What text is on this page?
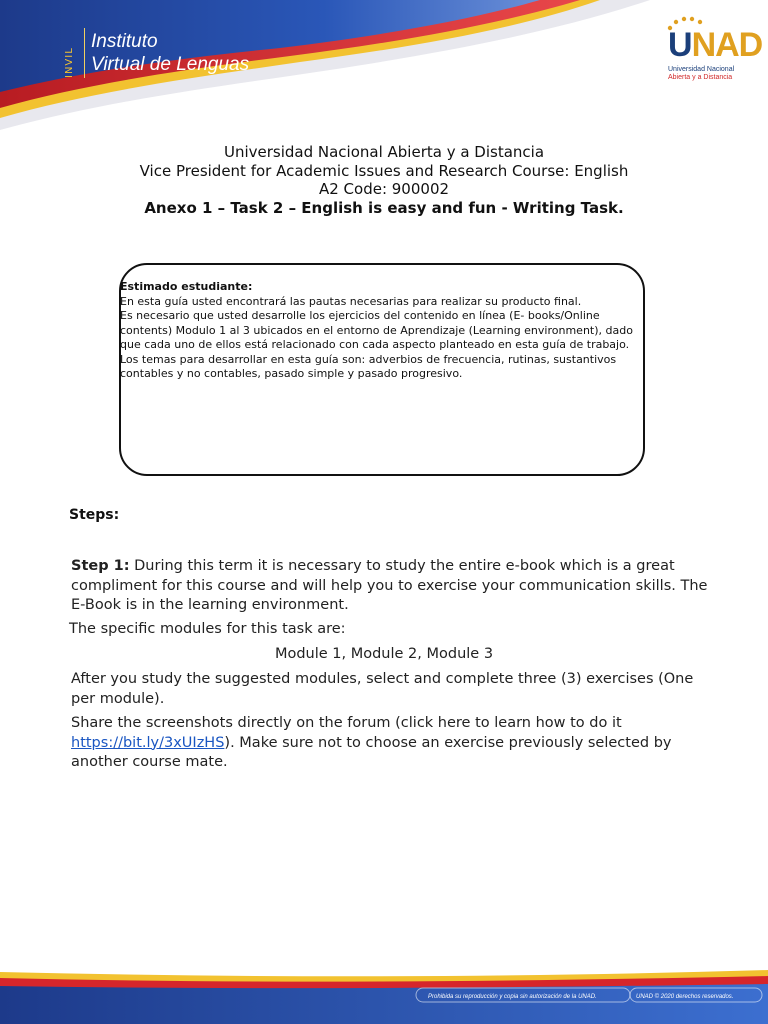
INVIL
Instituto
Virtual de Lenguas
UNAD
Universidad Nacional
Abierta y a Distancia
Universidad Nacional Abierta y a Distancia
Vice President for Academic Issues and Research Course: English
A2 Code: 900002
Anexo 1 – Task 2 – English is easy and fun - Writing Task.

Estimado estudiante:

En esta guía usted encontrará las pautas necesarias para realizar su producto final.

Es necesario que usted desarrolle los ejercicios del contenido en línea (E- books/Online contents) Modulo 1 al 3 ubicados en el entorno de Aprendizaje (Learning environment), dado que cada uno de ellos está relacionado con cada aspecto planteado en esta guía de trabajo.

Los temas para desarrollar en esta guía son: adverbios de frecuencia, rutinas, sustantivos contables y no contables, pasado simple y pasado progresivo.

Steps:
Step 1: During this term it is necessary to study the entire e-book which is a great compliment for this course and will help you to exercise your communication skills. The E-Book is in the learning environment.
The specific modules for this task are:
Module 1, Module 2, Module 3
After you study the suggested modules, select and complete three (3) exercises (One per module).
Share the screenshots directly on the forum (click here to learn how to do it https://bit.ly/3xUIzHS). Make sure not to choose an exercise previously selected by another course mate.
Prohibida su reproducción y copia sin autorización de la UNAD.	UNAD © 2020 derechos reservados.
